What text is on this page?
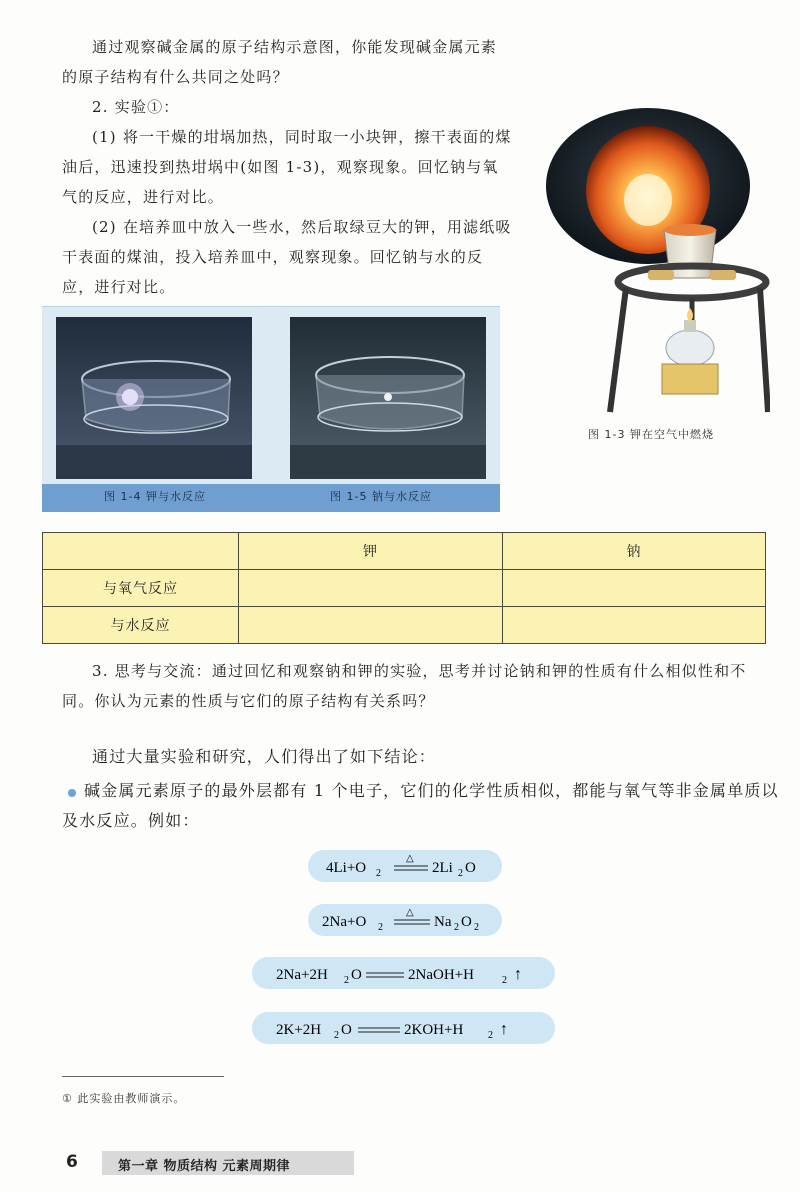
通过观察碱金属的原子结构示意图，你能发现碱金属元素的原子结构有什么共同之处吗？
2. 实验①：
(1) 将一干燥的坩埚加热，同时取一小块钾，擦干表面的煤油后，迅速投到热坩埚中(如图 1-3)，观察现象。回忆钠与氧气的反应，进行对比。
(2) 在培养皿中放入一些水，然后取绿豆大的钾，用滤纸吸干表面的煤油，投入培养皿中，观察现象。回忆钠与水的反应，进行对比。
图 1-3 钾在空气中燃烧
图 1-4 钾与水反应	图 1-5 钠与水反应
	钾	钠
与氧气反应		
与水反应		
3. 思考与交流：通过回忆和观察钠和钾的实验，思考并讨论钠和钾的性质有什么相似性和不同。你认为元素的性质与它们的原子结构有关系吗？
通过大量实验和研究，人们得出了如下结论：
碱金属元素原子的最外层都有 1 个电子，它们的化学性质相似，都能与氧气等非金属单质以及水反应。例如：
4Li+O 2
△
2Li 2 O
2Na+O 2
△
Na 2 O 2
2Na+2H 2 O	2NaOH+H	2 ↑
2K+2H 2 O	2KOH+H 2 ↑
① 此实验由教师演示。
6	第一章 物质结构 元素周期律
